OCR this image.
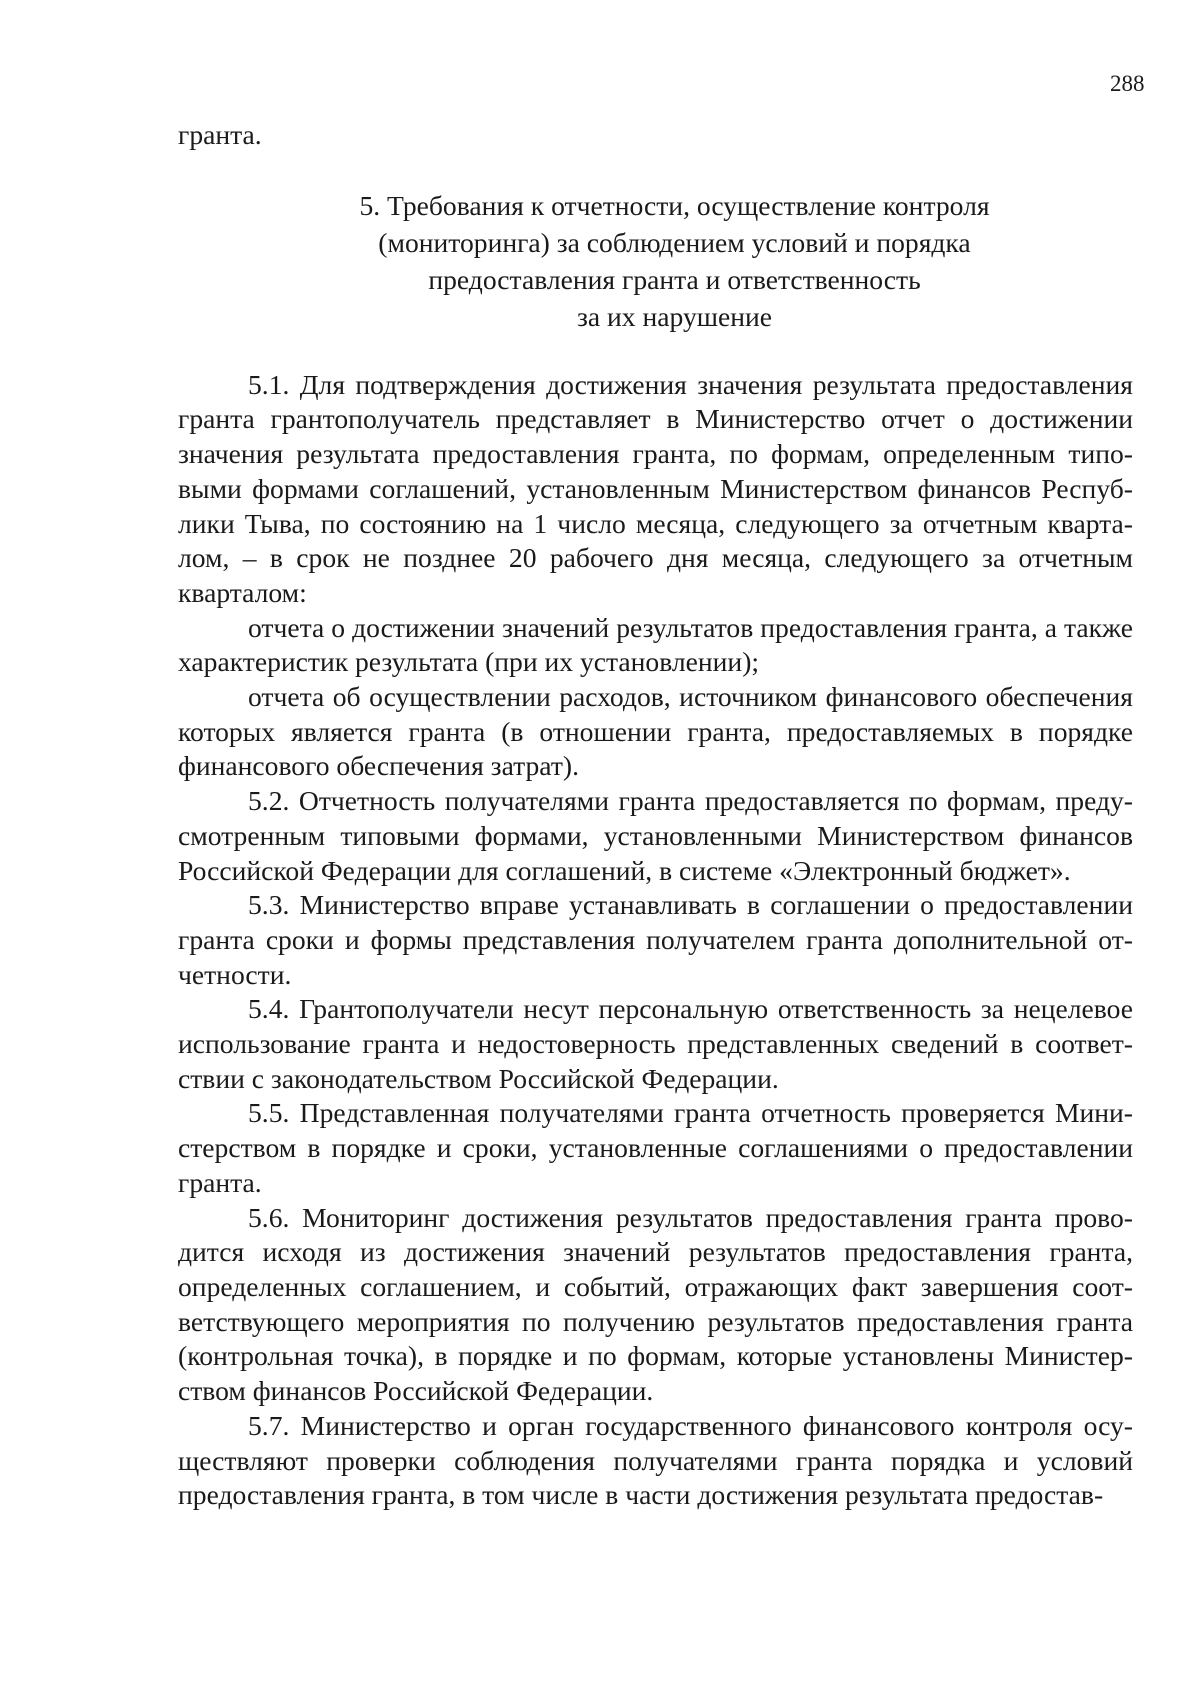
288

гранта.

5. Требования к отчетности, осуществление контроля
(мониторинга) за соблюдением условий и порядка
предоставления гранта и ответственность
за их нарушение

5.1. Для подтверждения достижения значения результата предоставления гранта грантополучатель представляет в Министерство отчет о достижении значения результата предоставления гранта, по формам, определенным типовыми формами соглашений, установленным Министерством финансов Республики Тыва, по состоянию на 1 число месяца, следующего за отчетным кварталом, – в срок не позднее 20 рабочего дня месяца, следующего за отчетным кварталом:

отчета о достижении значений результатов предоставления гранта, а также характеристик результата (при их установлении);

отчета об осуществлении расходов, источником финансового обеспечения которых является гранта (в отношении гранта, предоставляемых в порядке финансового обеспечения затрат).

5.2. Отчетность получателями гранта предоставляется по формам, предусмотренным типовыми формами, установленными Министерством финансов Российской Федерации для соглашений, в системе «Электронный бюджет».

5.3. Министерство вправе устанавливать в соглашении о предоставлении гранта сроки и формы представления получателем гранта дополнительной отчетности.

5.4. Грантополучатели несут персональную ответственность за нецелевое использование гранта и недостоверность представленных сведений в соответствии с законодательством Российской Федерации.

5.5. Представленная получателями гранта отчетность проверяется Министерством в порядке и сроки, установленные соглашениями о предоставлении гранта.

5.6. Мониторинг достижения результатов предоставления гранта проводится исходя из достижения значений результатов предоставления гранта, определенных соглашением, и событий, отражающих факт завершения соответствующего мероприятия по получению результатов предоставления гранта (контрольная точка), в порядке и по формам, которые установлены Министерством финансов Российской Федерации.

5.7. Министерство и орган государственного финансового контроля осуществляют проверки соблюдения получателями гранта порядка и условий предоставления гранта, в том числе в части достижения результата предостав-
